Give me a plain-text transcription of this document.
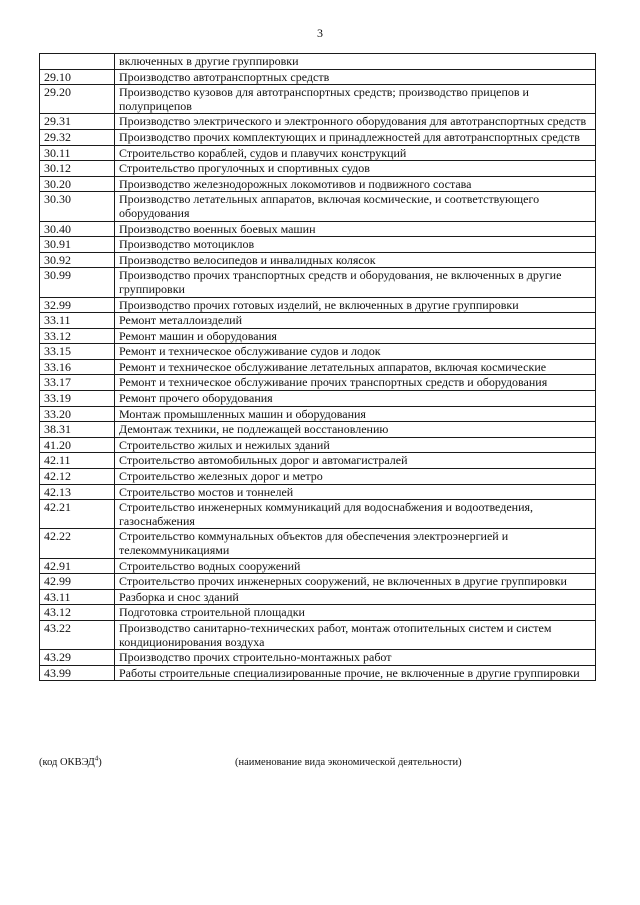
3
	включенных в другие группировки
29.10	Производство автотранспортных средств
29.20	Производство кузовов для автотранспортных средств; производство прицепов и полуприцепов
29.31	Производство электрического и электронного оборудования для автотранспортных средств
29.32	Производство прочих комплектующих и принадлежностей для автотранспортных средств
30.11	Строительство кораблей, судов и плавучих конструкций
30.12	Строительство прогулочных и спортивных судов
30.20	Производство железнодорожных локомотивов и подвижного состава
30.30	Производство летательных аппаратов, включая космические, и соответствующего оборудования
30.40	Производство военных боевых машин
30.91	Производство мотоциклов
30.92	Производство велосипедов и инвалидных колясок
30.99	Производство прочих транспортных средств и оборудования, не включенных в другие группировки
32.99	Производство прочих готовых изделий, не включенных в другие группировки
33.11	Ремонт металлоизделий
33.12	Ремонт машин и оборудования
33.15	Ремонт и техническое обслуживание судов и лодок
33.16	Ремонт и техническое обслуживание летательных аппаратов, включая космические
33.17	Ремонт и техническое обслуживание прочих транспортных средств и оборудования
33.19	Ремонт прочего оборудования
33.20	Монтаж промышленных машин и оборудования
38.31	Демонтаж техники, не подлежащей восстановлению
41.20	Строительство жилых и нежилых зданий
42.11	Строительство автомобильных дорог и автомагистралей
42.12	Строительство железных дорог и метро
42.13	Строительство мостов и тоннелей
42.21	Строительство инженерных коммуникаций для водоснабжения и водоотведения, газоснабжения
42.22	Строительство коммунальных объектов для обеспечения электроэнергией и телекоммуникациями
42.91	Строительство водных сооружений
42.99	Строительство прочих инженерных сооружений, не включенных в другие группировки
43.11	Разборка и снос зданий
43.12	Подготовка строительной площадки
43.22	Производство санитарно-технических работ, монтаж отопительных систем и систем кондиционирования воздуха
43.29	Производство прочих строительно-монтажных работ
43.99	Работы строительные специализированные прочие, не включенные в другие группировки
(код ОКВЭД$^4$)	(наименование вида экономической деятельности)
